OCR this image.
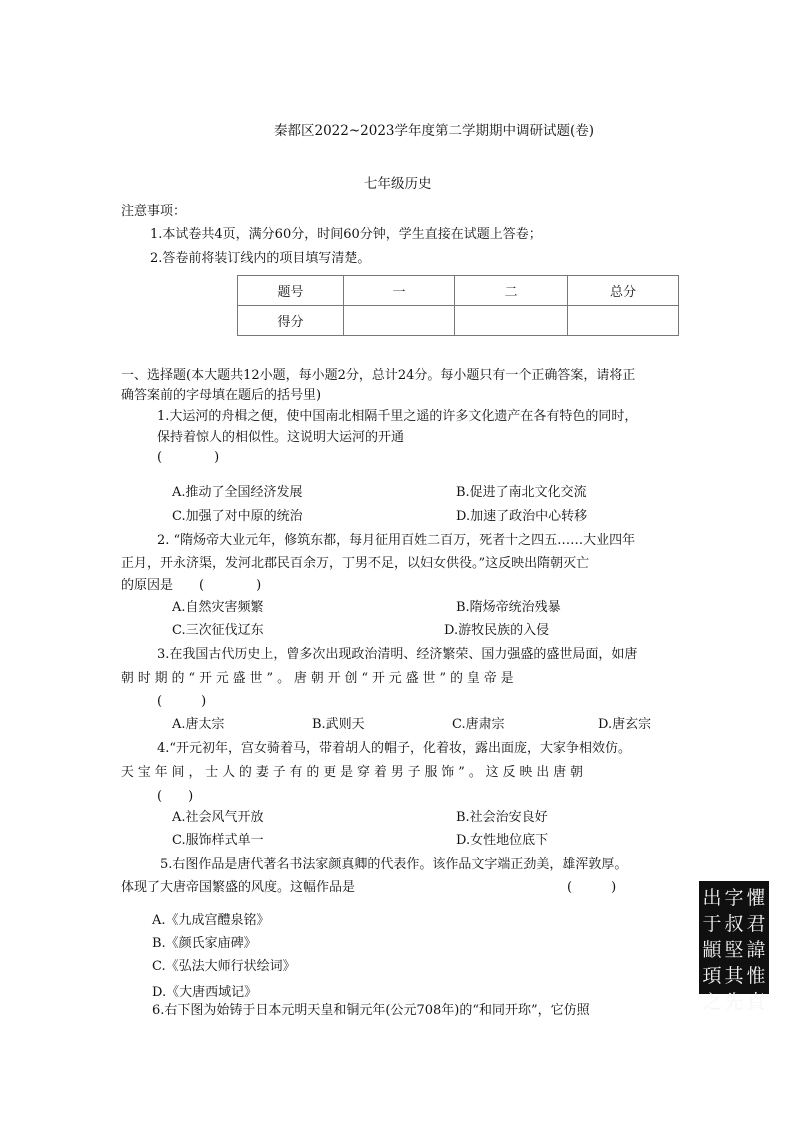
秦都区2022~2023学年度第二学期期中调研试题(卷)
七年级历史
注意事项：
1.本试卷共4页，满分60分，时间60分钟，学生直接在试题上答卷；
2.答卷前将装订线内的项目填写清楚。
题号	一	二	总分
得分			
一、选择题(本大题共12小题，每小题2分，总计24分。每小题只有一个正确答案，请将正
确答案前的字母填在题后的括号里)
1.大运河的舟楫之便，使中国南北相隔千里之遥的许多文化遗产在各有特色的同时，
保持着惊人的相似性。这说明大运河的开通
(　　　　)
A.推动了全国经济发展	B.促进了南北文化交流
C.加强了对中原的统治	D.加速了政治中心转移
2. “隋炀帝大业元年，修筑东都，每月征用百姓二百万，死者十之四五……大业四年
正月，开永济渠，发河北郡民百余万，丁男不足，以妇女供役。”这反映出隋朝灭亡
的原因是　　(　　　　)
A.自然灾害频繁	B.隋炀帝统治残暴
C.三次征伐辽东	D.游牧民族的入侵
3.在我国古代历史上，曾多次出现政治清明、经济繁荣、国力强盛的盛世局面，如唐
朝 时 期 的 “ 开 元 盛 世 ” 。 唐 朝 开 创 “ 开 元 盛 世 ” 的 皇 帝 是
(　　　)
A.唐太宗	B.武则天	C.唐肃宗	D.唐玄宗
4.“开元初年，宫女骑着马，带着胡人的帽子，化着妆，露出面庞，大家争相效仿。
天 宝 年 间 ， 士 人 的 妻 子 有 的 更 是 穿 着 男 子 服 饰 ” 。 这 反 映 出 唐 朝
(　　)
A.社会风气开放	B.社会治安良好
C.服饰样式单一	D.女性地位底下
5.右图作品是唐代著名书法家颜真卿的代表作。该作品文字端正劲美，雄浑敦厚。
体现了大唐帝国繁盛的风度。这幅作品是	(　　　)
A.《九成宫醴泉铭》
B.《颜氏家庙碑》
C.《弘法大师行状绘词》
D.《大唐西域记》
懼君諱惟貞
字叔堅其先
出于顓頊之
6.右下图为始铸于日本元明天皇和铜元年(公元708年)的“和同开珎”，它仿照
